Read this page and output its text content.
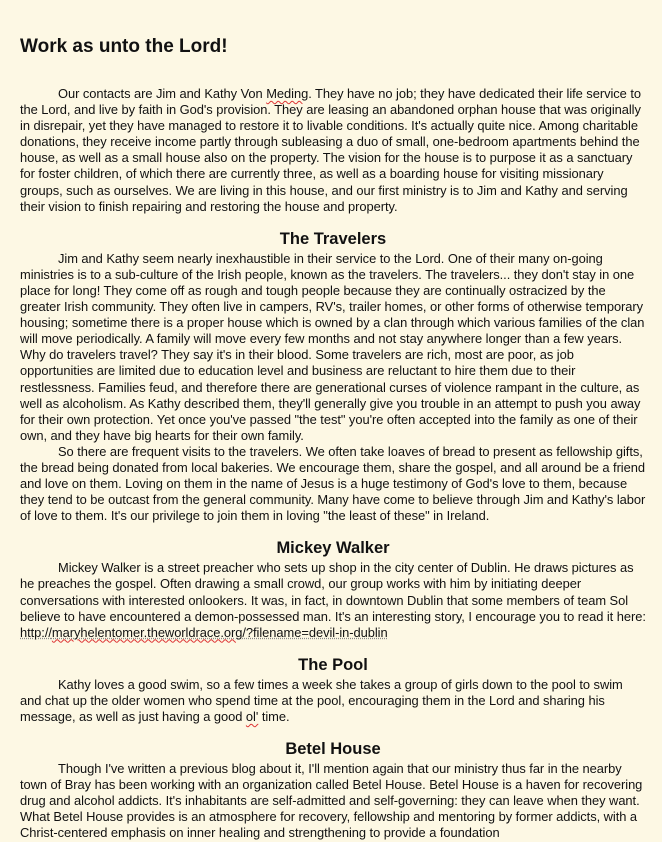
Work as unto the Lord!

Our contacts are Jim and Kathy Von Meding. They have no job; they have dedicated their life service to the Lord, and live by faith in God's provision. They are leasing an abandoned orphan house that was originally in disrepair, yet they have managed to restore it to livable conditions. It's actually quite nice. Among charitable donations, they receive income partly through subleasing a duo of small, one-bedroom apartments behind the house, as well as a small house also on the property. The vision for the house is to purpose it as a sanctuary for foster children, of which there are currently three, as well as a boarding house for visiting missionary groups, such as ourselves. We are living in this house, and our first ministry is to Jim and Kathy and serving their vision to finish repairing and restoring the house and property.

The Travelers

Jim and Kathy seem nearly inexhaustible in their service to the Lord. One of their many on-going ministries is to a sub-culture of the Irish people, known as the travelers. The travelers... they don't stay in one place for long! They come off as rough and tough people because they are continually ostracized by the greater Irish community. They often live in campers, RV's, trailer homes, or other forms of otherwise temporary housing; sometime there is a proper house which is owned by a clan through which various families of the clan will move periodically. A family will move every few months and not stay anywhere longer than a few years. Why do travelers travel? They say it's in their blood. Some travelers are rich, most are poor, as job opportunities are limited due to education level and business are reluctant to hire them due to their restlessness. Families feud, and therefore there are generational curses of violence rampant in the culture, as well as alcoholism. As Kathy described them, they'll generally give you trouble in an attempt to push you away for their own protection. Yet once you've passed "the test" you're often accepted into the family as one of their own, and they have big hearts for their own family.

So there are frequent visits to the travelers. We often take loaves of bread to present as fellowship gifts, the bread being donated from local bakeries. We encourage them, share the gospel, and all around be a friend and love on them. Loving on them in the name of Jesus is a huge testimony of God's love to them, because they tend to be outcast from the general community. Many have come to believe through Jim and Kathy's labor of love to them. It's our privilege to join them in loving "the least of these" in Ireland.

Mickey Walker

Mickey Walker is a street preacher who sets up shop in the city center of Dublin. He draws pictures as he preaches the gospel. Often drawing a small crowd, our group works with him by initiating deeper conversations with interested onlookers. It was, in fact, in downtown Dublin that some members of team Sol believe to have encountered a demon-possessed man. It's an interesting story, I encourage you to read it here: http://maryhelentomer.theworldrace.org/?filename=devil-in-dublin

The Pool

Kathy loves a good swim, so a few times a week she takes a group of girls down to the pool to swim and chat up the older women who spend time at the pool, encouraging them in the Lord and sharing his message, as well as just having a good ol' time.

Betel House

Though I've written a previous blog about it, I'll mention again that our ministry thus far in the nearby town of Bray has been working with an organization called Betel House. Betel House is a haven for recovering drug and alcohol addicts. It's inhabitants are self-admitted and self-governing: they can leave when they want. What Betel House provides is an atmosphere for recovery, fellowship and mentoring by former addicts, with a Christ-centered emphasis on inner healing and strengthening to provide a foundation
